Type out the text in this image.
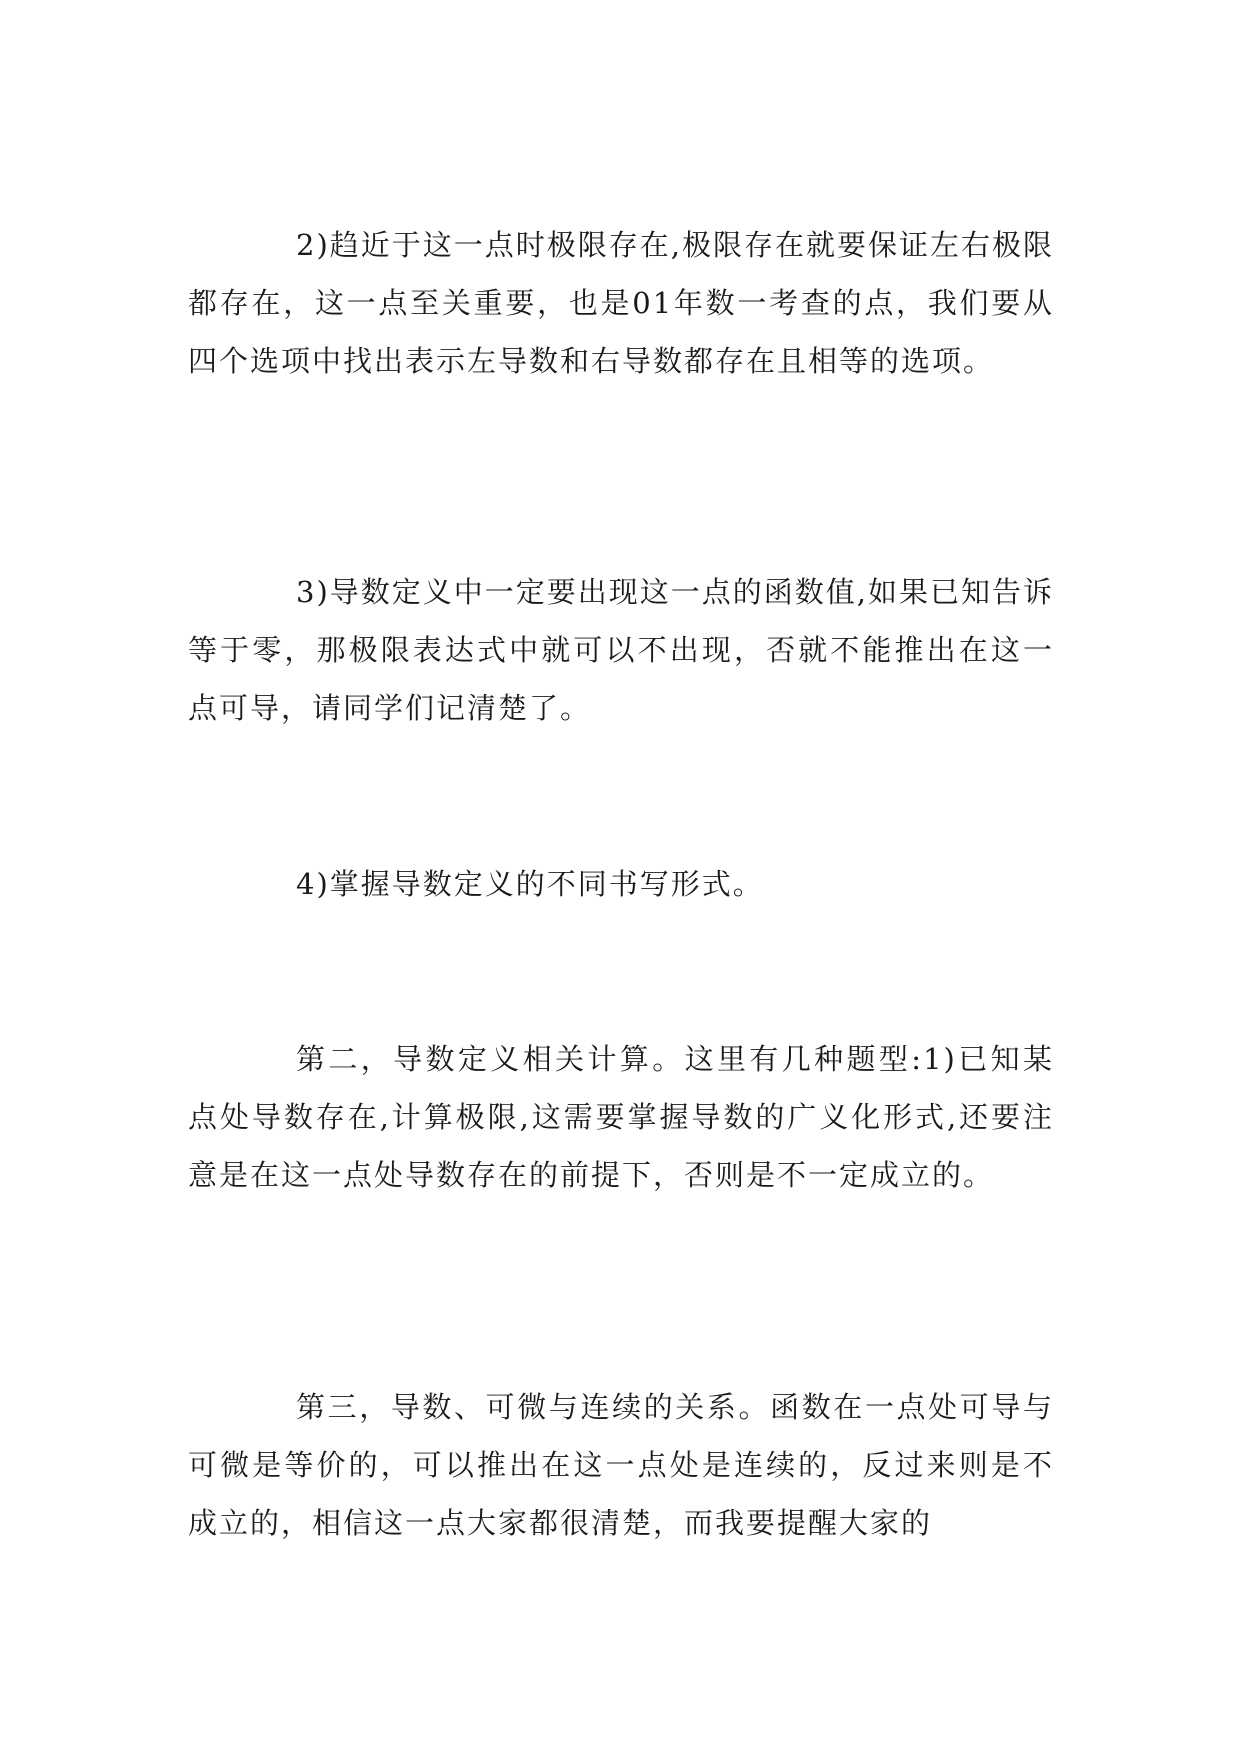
2)趋近于这一点时极限存在,极限存在就要保证左右极限都存在，这一点至关重要，也是01年数一考查的点，我们要从四个选项中找出表示左导数和右导数都存在且相等的选项。

3)导数定义中一定要出现这一点的函数值,如果已知告诉等于零，那极限表达式中就可以不出现，否就不能推出在这一点可导，请同学们记清楚了。

4)掌握导数定义的不同书写形式。

第二，导数定义相关计算。这里有几种题型:1)已知某点处导数存在,计算极限,这需要掌握导数的广义化形式,还要注意是在这一点处导数存在的前提下，否则是不一定成立的。

第三，导数、可微与连续的关系。函数在一点处可导与可微是等价的，可以推出在这一点处是连续的，反过来则是不成立的，相信这一点大家都很清楚，而我要提醒大家的
